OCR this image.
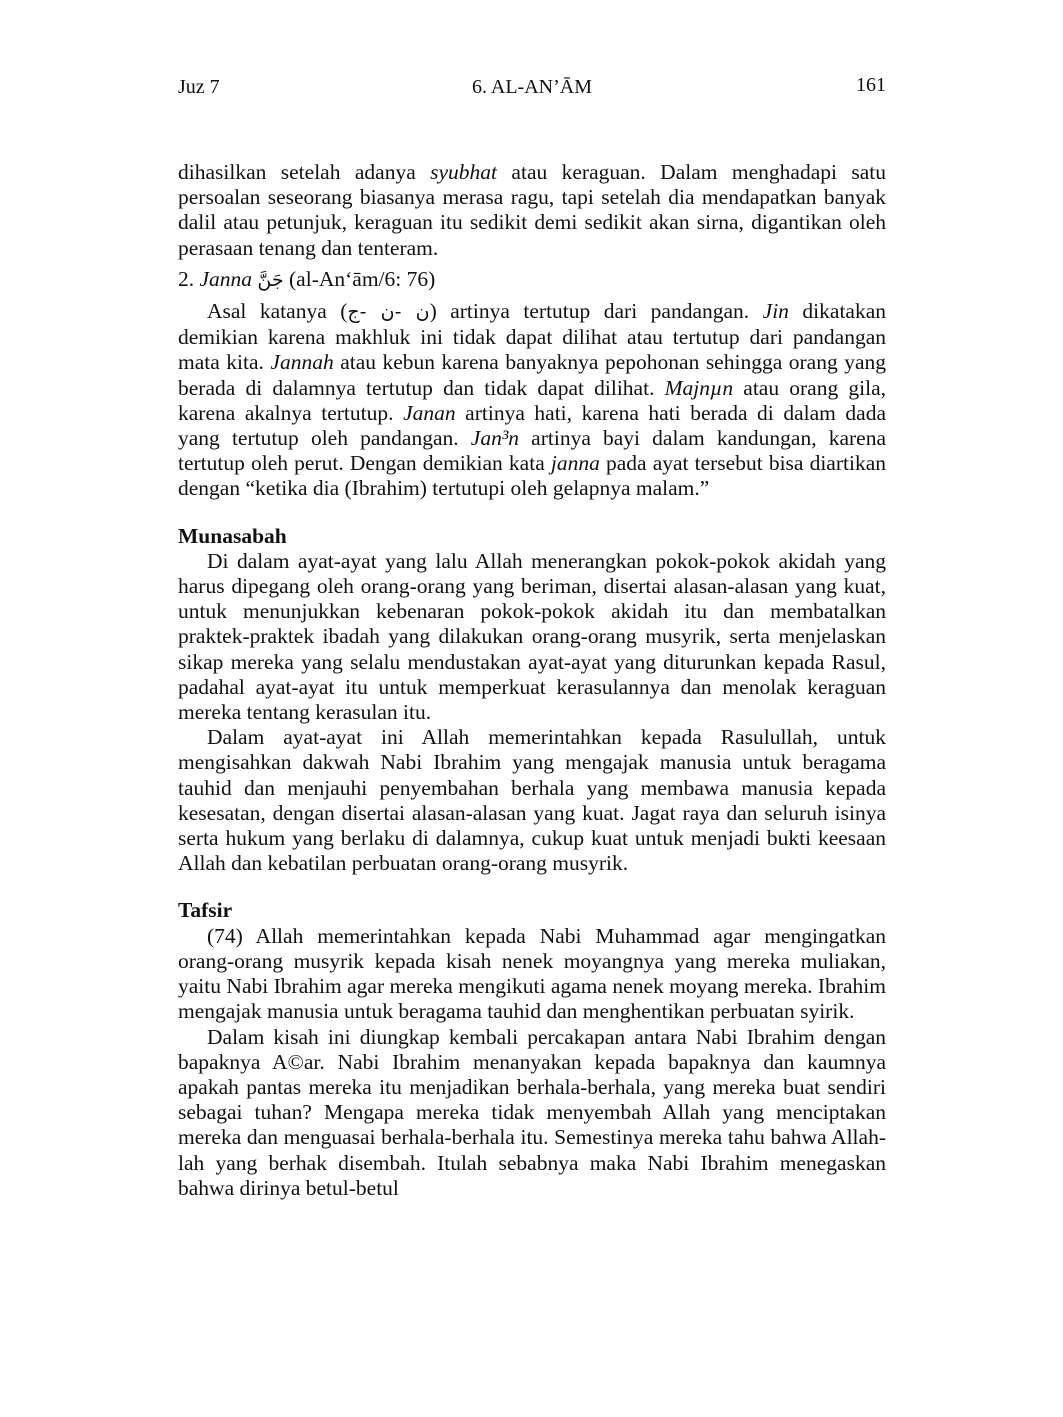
Juz 7	6. AL-AN’ĀM	161

dihasilkan setelah adanya syubhat atau keraguan. Dalam menghadapi satu persoalan seseorang biasanya merasa ragu, tapi setelah dia mendapatkan banyak dalil atau petunjuk, keraguan itu sedikit demi sedikit akan sirna, digantikan oleh perasaan tenang dan tenteram.

2. Janna جَنَّ (al-An‘ām/6: 76)

Asal katanya (ن -ن -ج) artinya tertutup dari pandangan. Jin dikatakan demikian karena makhluk ini tidak dapat dilihat atau tertutup dari pandangan mata kita. Jannah atau kebun karena banyaknya pepohonan sehingga orang yang berada di dalamnya tertutup dan tidak dapat dilihat. Majnµn atau orang gila, karena akalnya tertutup. Janan artinya hati, karena hati berada di dalam dada yang tertutup oleh pandangan. Jan³n artinya bayi dalam kandungan, karena tertutup oleh perut. Dengan demikian kata janna pada ayat tersebut bisa diartikan dengan “ketika dia (Ibrahim) tertutupi oleh gelapnya malam.”

Munasabah

Di dalam ayat-ayat yang lalu Allah menerangkan pokok-pokok akidah yang harus dipegang oleh orang-orang yang beriman, disertai alasan-alasan yang kuat, untuk menunjukkan kebenaran pokok-pokok akidah itu dan membatalkan praktek-praktek ibadah yang dilakukan orang-orang musyrik, serta menjelaskan sikap mereka yang selalu mendustakan ayat-ayat yang diturunkan kepada Rasul, padahal ayat-ayat itu untuk memperkuat kerasulannya dan menolak keraguan mereka tentang kerasulan itu.

Dalam ayat-ayat ini Allah memerintahkan kepada Rasulullah, untuk mengisahkan dakwah Nabi Ibrahim yang mengajak manusia untuk beragama tauhid dan menjauhi penyembahan berhala yang membawa manusia kepada kesesatan, dengan disertai alasan-alasan yang kuat. Jagat raya dan seluruh isinya serta hukum yang berlaku di dalamnya, cukup kuat untuk menjadi bukti keesaan Allah dan kebatilan perbuatan orang-orang musyrik.

Tafsir

(74) Allah memerintahkan kepada Nabi Muhammad agar mengingatkan orang-orang musyrik kepada kisah nenek moyangnya yang mereka muliakan, yaitu Nabi Ibrahim agar mereka mengikuti agama nenek moyang mereka. Ibrahim mengajak manusia untuk beragama tauhid dan menghentikan perbuatan syirik.

Dalam kisah ini diungkap kembali percakapan antara Nabi Ibrahim dengan bapaknya A©ar. Nabi Ibrahim menanyakan kepada bapaknya dan kaumnya apakah pantas mereka itu menjadikan berhala-berhala, yang mereka buat sendiri sebagai tuhan? Mengapa mereka tidak menyembah Allah yang menciptakan mereka dan menguasai berhala-berhala itu. Semestinya mereka tahu bahwa Allah-lah yang berhak disembah. Itulah sebabnya maka Nabi Ibrahim menegaskan bahwa dirinya betul-betul
